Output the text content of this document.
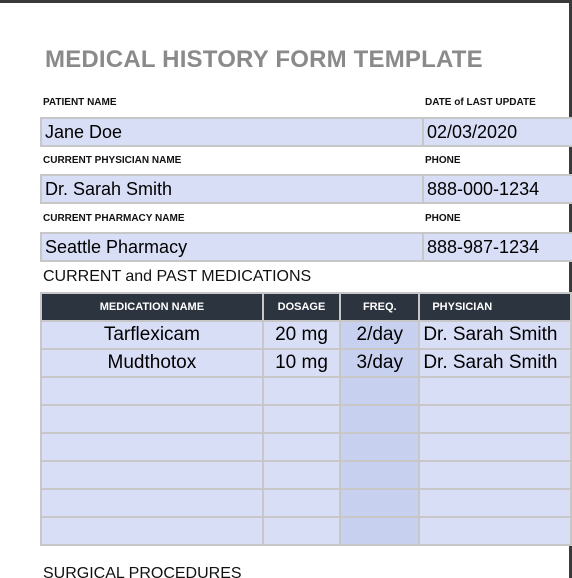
MEDICAL HISTORY FORM TEMPLATE
PATIENT NAME	DATE of LAST UPDATE
Jane Doe	02/03/2020
CURRENT PHYSICIAN NAME	PHONE
Dr. Sarah Smith	888-000-1234
CURRENT PHARMACY NAME	PHONE
Seattle Pharmacy	888-987-1234
CURRENT and PAST MEDICATIONS
MEDICATION NAME	DOSAGE	FREQ.	PHYSICIAN
Tarflexicam	20 mg	2/day	Dr. Sarah Smith
Mudthotox	10 mg	3/day	Dr. Sarah Smith

SURGICAL PROCEDURES
